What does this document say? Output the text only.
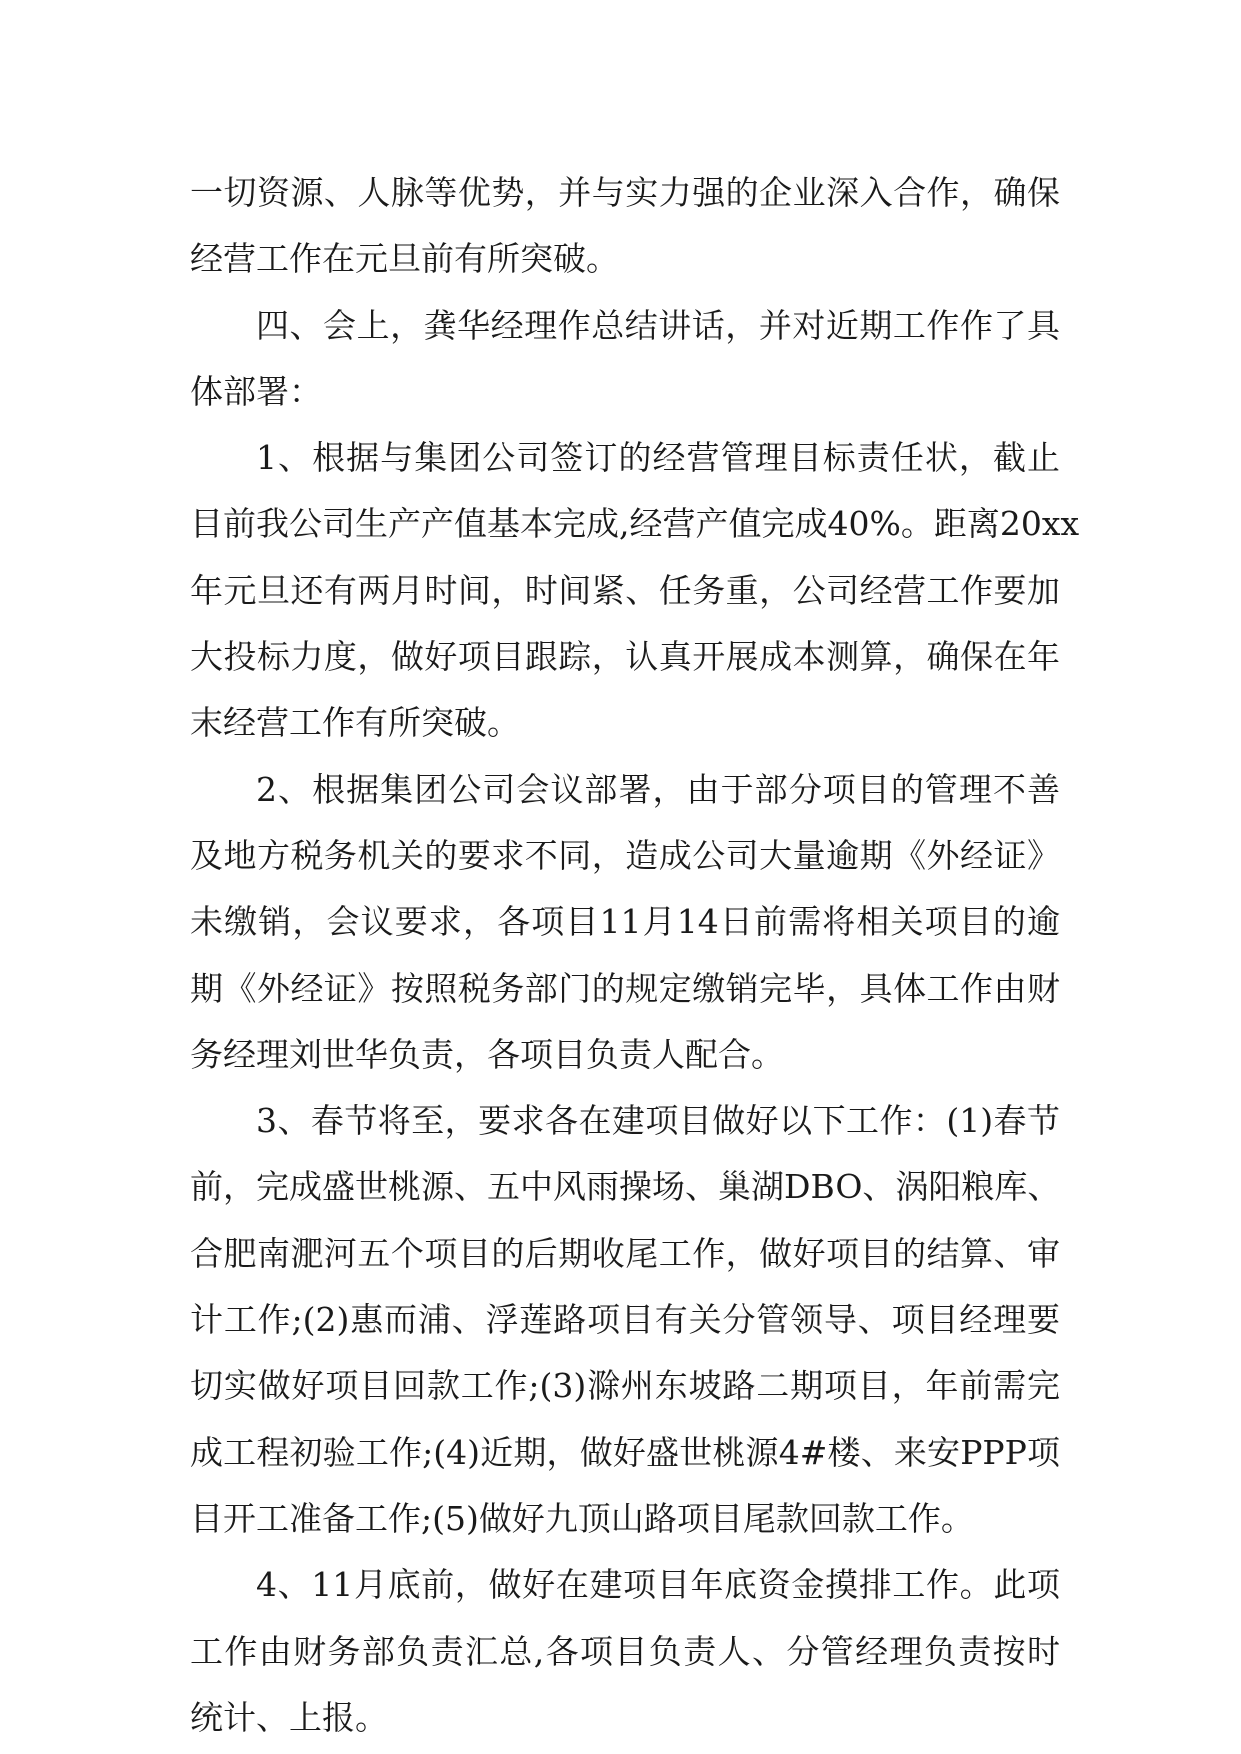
一切资源、人脉等优势，并与实力强的企业深入合作，确保
经营工作在元旦前有所突破。

四、会上，龚华经理作总结讲话，并对近期工作作了具
体部署：

1、根据与集团公司签订的经营管理目标责任状，截止
目前我公司生产产值基本完成,经营产值完成40%。距离20xx
年元旦还有两月时间，时间紧、任务重，公司经营工作要加
大投标力度，做好项目跟踪，认真开展成本测算，确保在年
末经营工作有所突破。

2、根据集团公司会议部署，由于部分项目的管理不善
及地方税务机关的要求不同，造成公司大量逾期《外经证》
未缴销，会议要求，各项目11月14日前需将相关项目的逾
期《外经证》按照税务部门的规定缴销完毕，具体工作由财
务经理刘世华负责，各项目负责人配合。

3、春节将至，要求各在建项目做好以下工作：(1)春节
前，完成盛世桃源、五中风雨操场、巢湖DBO、涡阳粮库、
合肥南淝河五个项目的后期收尾工作，做好项目的结算、审
计工作;(2)惠而浦、浮莲路项目有关分管领导、项目经理要
切实做好项目回款工作;(3)滁州东坡路二期项目，年前需完
成工程初验工作;(4)近期，做好盛世桃源4#楼、来安PPP项
目开工准备工作;(5)做好九顶山路项目尾款回款工作。

4、11月底前，做好在建项目年底资金摸排工作。此项
工作由财务部负责汇总,各项目负责人、分管经理负责按时
统计、上报。
